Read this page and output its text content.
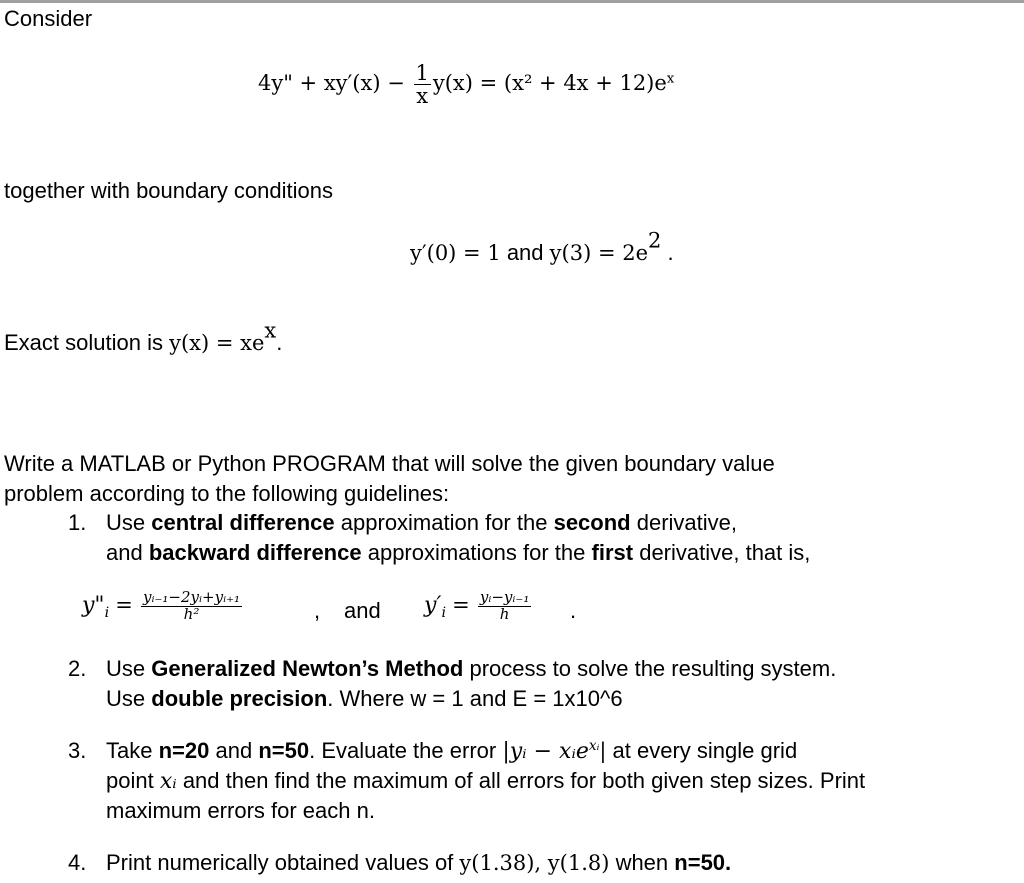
Consider
4y" + $xy'(x) - \frac{1}{x} y(x) = (x^2 + 4x + 12)e^x$
together with boundary conditions
y′(0) = 1 and $y(3) = 2e^2$ .
Exact solution is $y(x) = xe^x$.
Write a MATLAB or Python PROGRAM that will solve the given boundary value
problem according to the following guidelines:
1. Use central difference approximation for the second derivative,
and backward difference approximations for the first derivative, that is,
$y"_i = \frac{\text{yᵢ₋₁−2yᵢ+yᵢ₊₁}}{\text{h²}}$	, and $y'_i = \frac{\text{yᵢ−yᵢ₋₁}}{h}$ .
2. Use Generalized Newton’s Method process to solve the resulting system.
Use double precision. Where w = 1 and E = 1x10^6
3. Take n=20 and n=50. Evaluate the error |yᵢ − xᵢe$^{xᵢ}$| at every single grid
point xᵢ and then find the maximum of all errors for both given step sizes. Print
maximum errors for each n.
4. Print numerically obtained values of y(1.38), y(1.8) when n=50.
